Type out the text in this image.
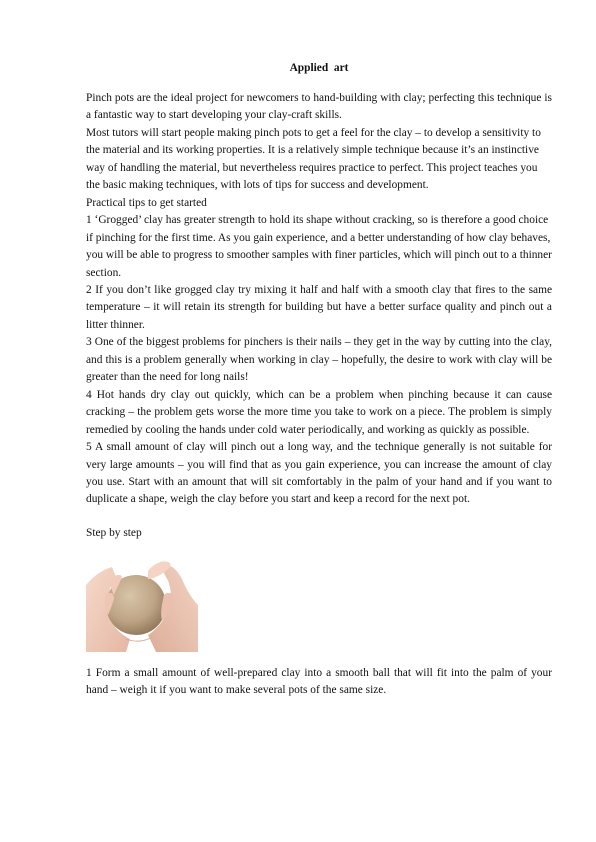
Applied  art

Pinch pots are the ideal project for newcomers to hand-building with clay; perfecting this technique is a fantastic way to start developing your clay-craft skills.

Most tutors will start people making pinch pots to get a feel for the clay – to develop a sensitivity to the material and its working properties. It is a relatively simple technique because it’s an instinctive way of handling the material, but nevertheless requires practice to perfect. This project teaches you the basic making techniques, with lots of tips for success and development.

Practical tips to get started

1 ‘Grogged’ clay has greater strength to hold its shape without cracking, so is therefore a good choice if pinching for the first time. As you gain experience, and a better understanding of how clay behaves, you will be able to progress to smoother samples with finer particles, which will pinch out to a thinner section.

2 If you don’t like grogged clay try mixing it half and half with a smooth clay that fires to the same temperature – it will retain its strength for building but have a better surface quality and pinch out a litter thinner.

3 One of the biggest problems for pinchers is their nails – they get in the way by cutting into the clay, and this is a problem generally when working in clay – hopefully, the desire to work with clay will be greater than the need for long nails!

4 Hot hands dry clay out quickly, which can be a problem when pinching because it can cause cracking – the problem gets worse the more time you take to work on a piece. The problem is simply remedied by cooling the hands under cold water periodically, and working as quickly as possible.

5 A small amount of clay will pinch out a long way, and the technique generally is not suitable for very large amounts – you will find that as you gain experience, you can increase the amount of clay you use. Start with an amount that will sit comfortably in the palm of your hand and if you want to duplicate a shape, weigh the clay before you start and keep a record for the next pot.

Step by step

1 Form a small amount of well-prepared clay into a smooth ball that will fit into the palm of your hand – weigh it if you want to make several pots of the same size.
